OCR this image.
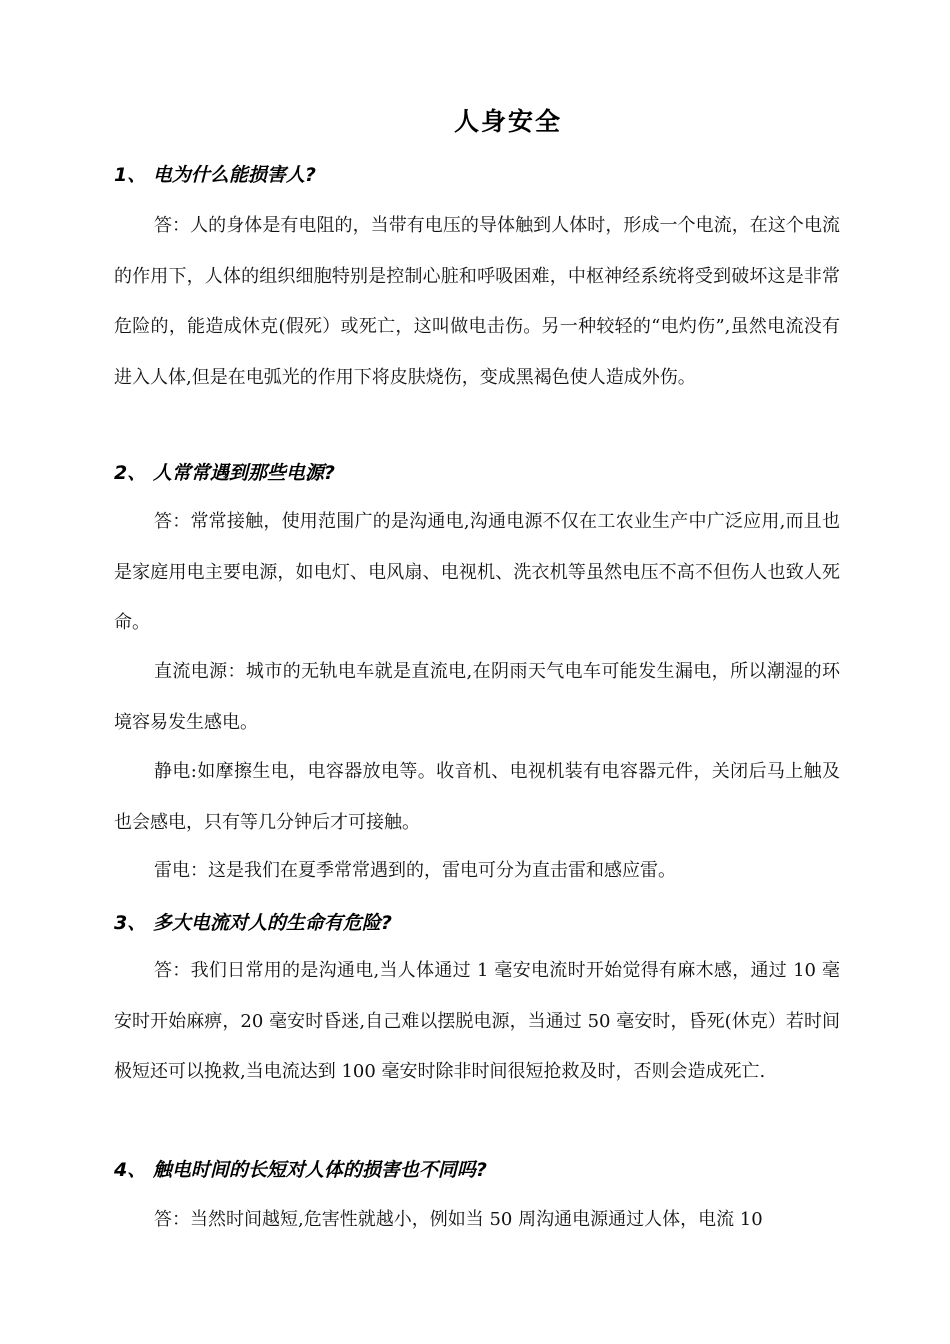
人身安全
1、 电为什么能损害人?

答：人的身体是有电阻的，当带有电压的导体触到人体时，形成一个电流，在这个电流的作用下，人体的组织细胞特别是控制心脏和呼吸困难，中枢神经系统将受到破坏这是非常危险的，能造成休克(假死）或死亡，这叫做电击伤。另一种较轻的“电灼伤”,虽然电流没有进入人体,但是在电弧光的作用下将皮肤烧伤，变成黑褐色使人造成外伤。

2、 人常常遇到那些电源?

答：常常接触，使用范围广的是沟通电,沟通电源不仅在工农业生产中广泛应用,而且也是家庭用电主要电源，如电灯、电风扇、电视机、洗衣机等虽然电压不高不但伤人也致人死命。

直流电源：城市的无轨电车就是直流电,在阴雨天气电车可能发生漏电，所以潮湿的环境容易发生感电。

静电:如摩擦生电，电容器放电等。收音机、电视机装有电容器元件，关闭后马上触及也会感电，只有等几分钟后才可接触。

雷电：这是我们在夏季常常遇到的，雷电可分为直击雷和感应雷。

3、 多大电流对人的生命有危险?

答：我们日常用的是沟通电,当人体通过 1 毫安电流时开始觉得有麻木感，通过 10 毫安时开始麻痹，20 毫安时昏迷,自己难以摆脱电源，当通过 50 毫安时，昏死(休克）若时间极短还可以挽救,当电流达到 100 毫安时除非时间很短抢救及时，否则会造成死亡.

4、 触电时间的长短对人体的损害也不同吗?

答：当然时间越短,危害性就越小，例如当 50 周沟通电源通过人体，电流 10
